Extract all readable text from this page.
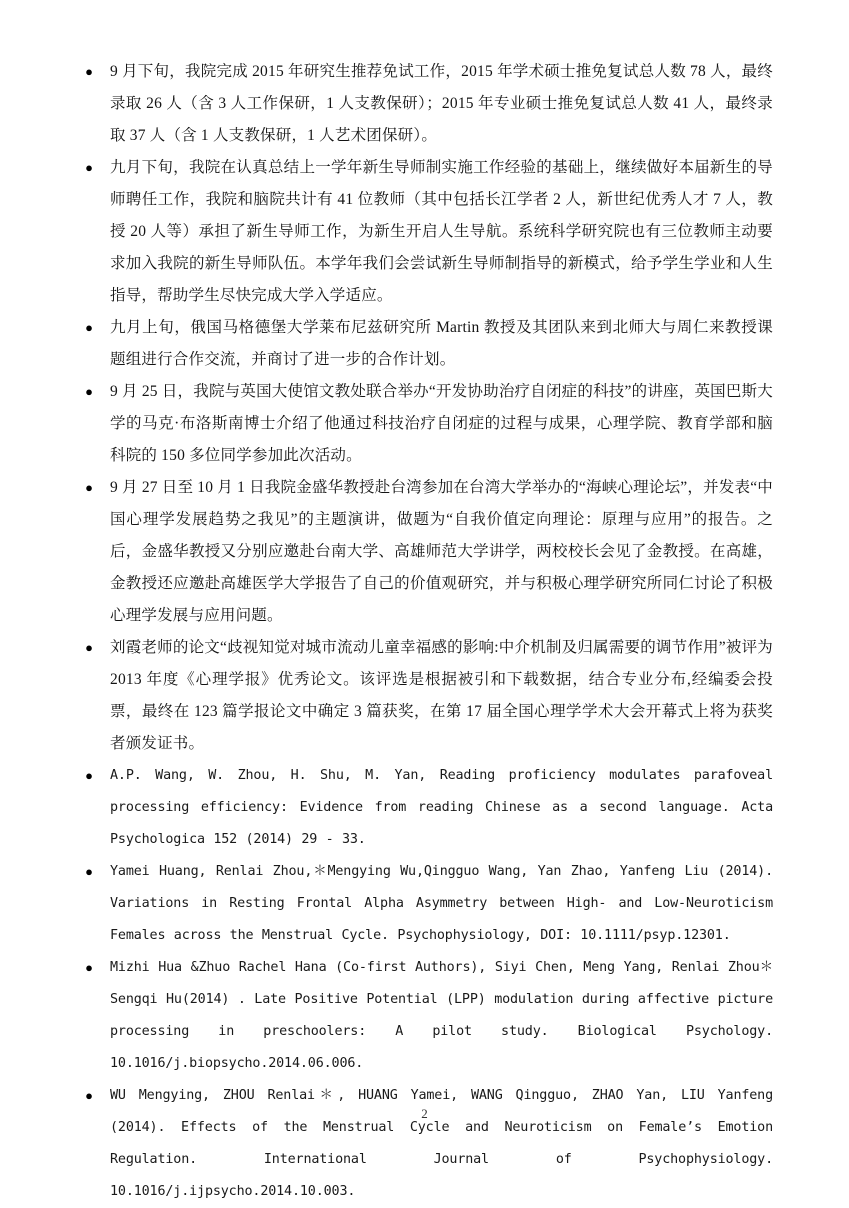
● 9 月下旬，我院完成 2015 年研究生推荐免试工作，2015 年学术硕士推免复试总人数 78 人，最终录取 26 人（含 3 人工作保研，1 人支教保研）；2015 年专业硕士推免复试总人数 41 人，最终录取 37 人（含 1 人支教保研，1 人艺术团保研）。

● 九月下旬，我院在认真总结上一学年新生导师制实施工作经验的基础上，继续做好本届新生的导师聘任工作，我院和脑院共计有 41 位教师（其中包括长江学者 2 人，新世纪优秀人才 7 人，教授 20 人等）承担了新生导师工作，为新生开启人生导航。系统科学研究院也有三位教师主动要求加入我院的新生导师队伍。本学年我们会尝试新生导师制指导的新模式，给予学生学业和人生指导，帮助学生尽快完成大学入学适应。

● 九月上旬，俄国马格德堡大学莱布尼兹研究所 Martin 教授及其团队来到北师大与周仁来教授课题组进行合作交流，并商讨了进一步的合作计划。

● 9 月 25 日，我院与英国大使馆文教处联合举办“开发协助治疗自闭症的科技”的讲座，英国巴斯大学的马克·布洛斯南博士介绍了他通过科技治疗自闭症的过程与成果，心理学院、教育学部和脑科院的 150 多位同学参加此次活动。

● 9 月 27 日至 10 月 1 日我院金盛华教授赴台湾参加在台湾大学举办的“海峡心理论坛”，并发表“中国心理学发展趋势之我见”的主题演讲，做题为“自我价值定向理论：原理与应用”的报告。之后，金盛华教授又分别应邀赴台南大学、高雄师范大学讲学，两校校长会见了金教授。在高雄，金教授还应邀赴高雄医学大学报告了自己的价值观研究，并与积极心理学研究所同仁讨论了积极心理学发展与应用问题。

● 刘霞老师的论文“歧视知觉对城市流动儿童幸福感的影响:中介机制及归属需要的调节作用”被评为 2013 年度《心理学报》优秀论文。该评选是根据被引和下载数据，结合专业分布,经编委会投票，最终在 123 篇学报论文中确定 3 篇获奖，在第 17 届全国心理学学术大会开幕式上将为获奖者颁发证书。

● A.P. Wang, W. Zhou, H. Shu, M. Yan, Reading proficiency modulates parafoveal processing efficiency: Evidence from reading Chinese as a second language. Acta Psychologica 152 (2014) 29 - 33.

● Yamei Huang, Renlai Zhou,＊Mengying Wu,Qingguo Wang, Yan Zhao, Yanfeng Liu (2014). Variations in Resting Frontal Alpha Asymmetry between High- and Low-Neuroticism Females across the Menstrual Cycle. Psychophysiology, DOI: 10.1111/psyp.12301.

● Mizhi Hua &Zhuo Rachel Hana (Co-first Authors), Siyi Chen, Meng Yang, Renlai Zhou＊Sengqi Hu(2014) . Late Positive Potential (LPP) modulation during affective picture processing in preschoolers: A pilot study. Biological Psychology. 10.1016/j.biopsycho.2014.06.006.

● WU Mengying, ZHOU Renlai＊, HUANG Yamei, WANG Qingguo, ZHAO Yan, LIU Yanfeng (2014). Effects of the Menstrual Cycle and Neuroticism on Female’s Emotion Regulation. International Journal of Psychophysiology. 10.1016/j.ijpsycho.2014.10.003.

2
